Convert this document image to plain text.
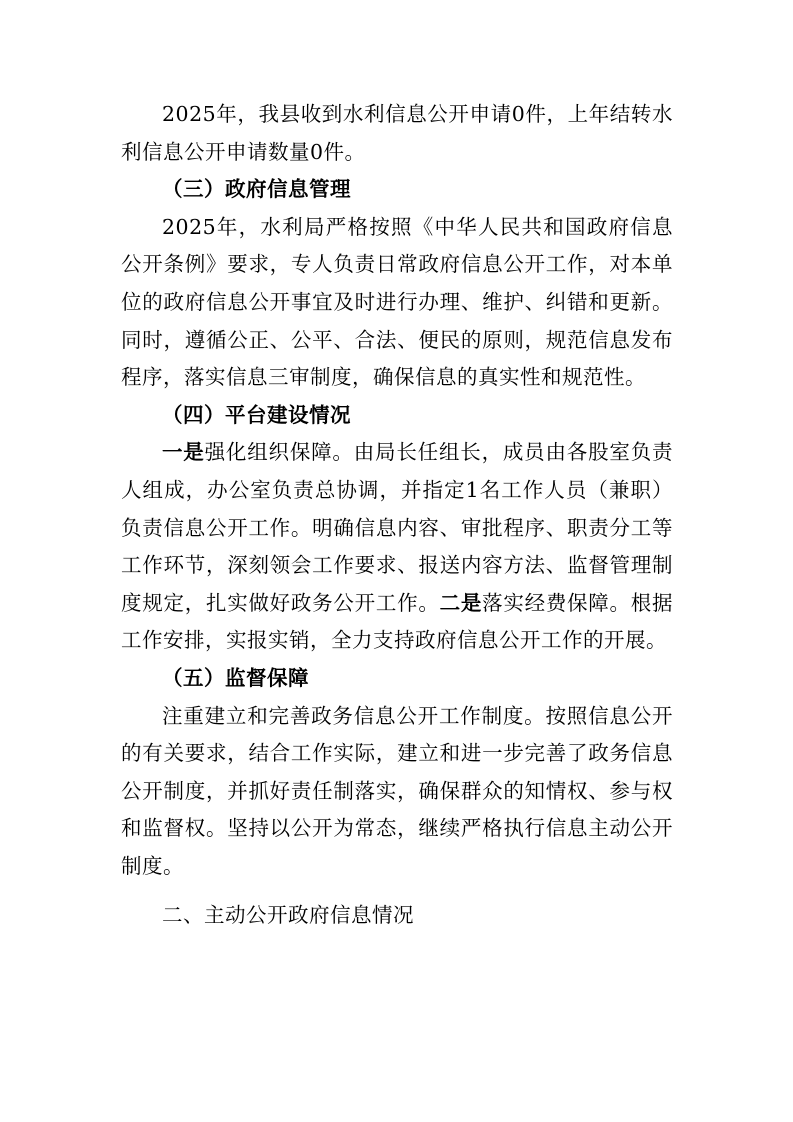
2025年，我县收到水利信息公开申请0件，上年结转水利信息公开申请数量0件。

（三）政府信息管理

2025年，水利局严格按照《中华人民共和国政府信息公开条例》要求，专人负责日常政府信息公开工作，对本单位的政府信息公开事宜及时进行办理、维护、纠错和更新。同时，遵循公正、公平、合法、便民的原则，规范信息发布程序，落实信息三审制度，确保信息的真实性和规范性。

（四）平台建设情况

一是强化组织保障。由局长任组长，成员由各股室负责人组成，办公室负责总协调，并指定1名工作人员（兼职）负责信息公开工作。明确信息内容、审批程序、职责分工等工作环节，深刻领会工作要求、报送内容方法、监督管理制度规定，扎实做好政务公开工作。二是落实经费保障。根据工作安排，实报实销，全力支持政府信息公开工作的开展。

（五）监督保障

注重建立和完善政务信息公开工作制度。按照信息公开的有关要求，结合工作实际，建立和进一步完善了政务信息公开制度，并抓好责任制落实，确保群众的知情权、参与权和监督权。坚持以公开为常态，继续严格执行信息主动公开制度。

二、主动公开政府信息情况
